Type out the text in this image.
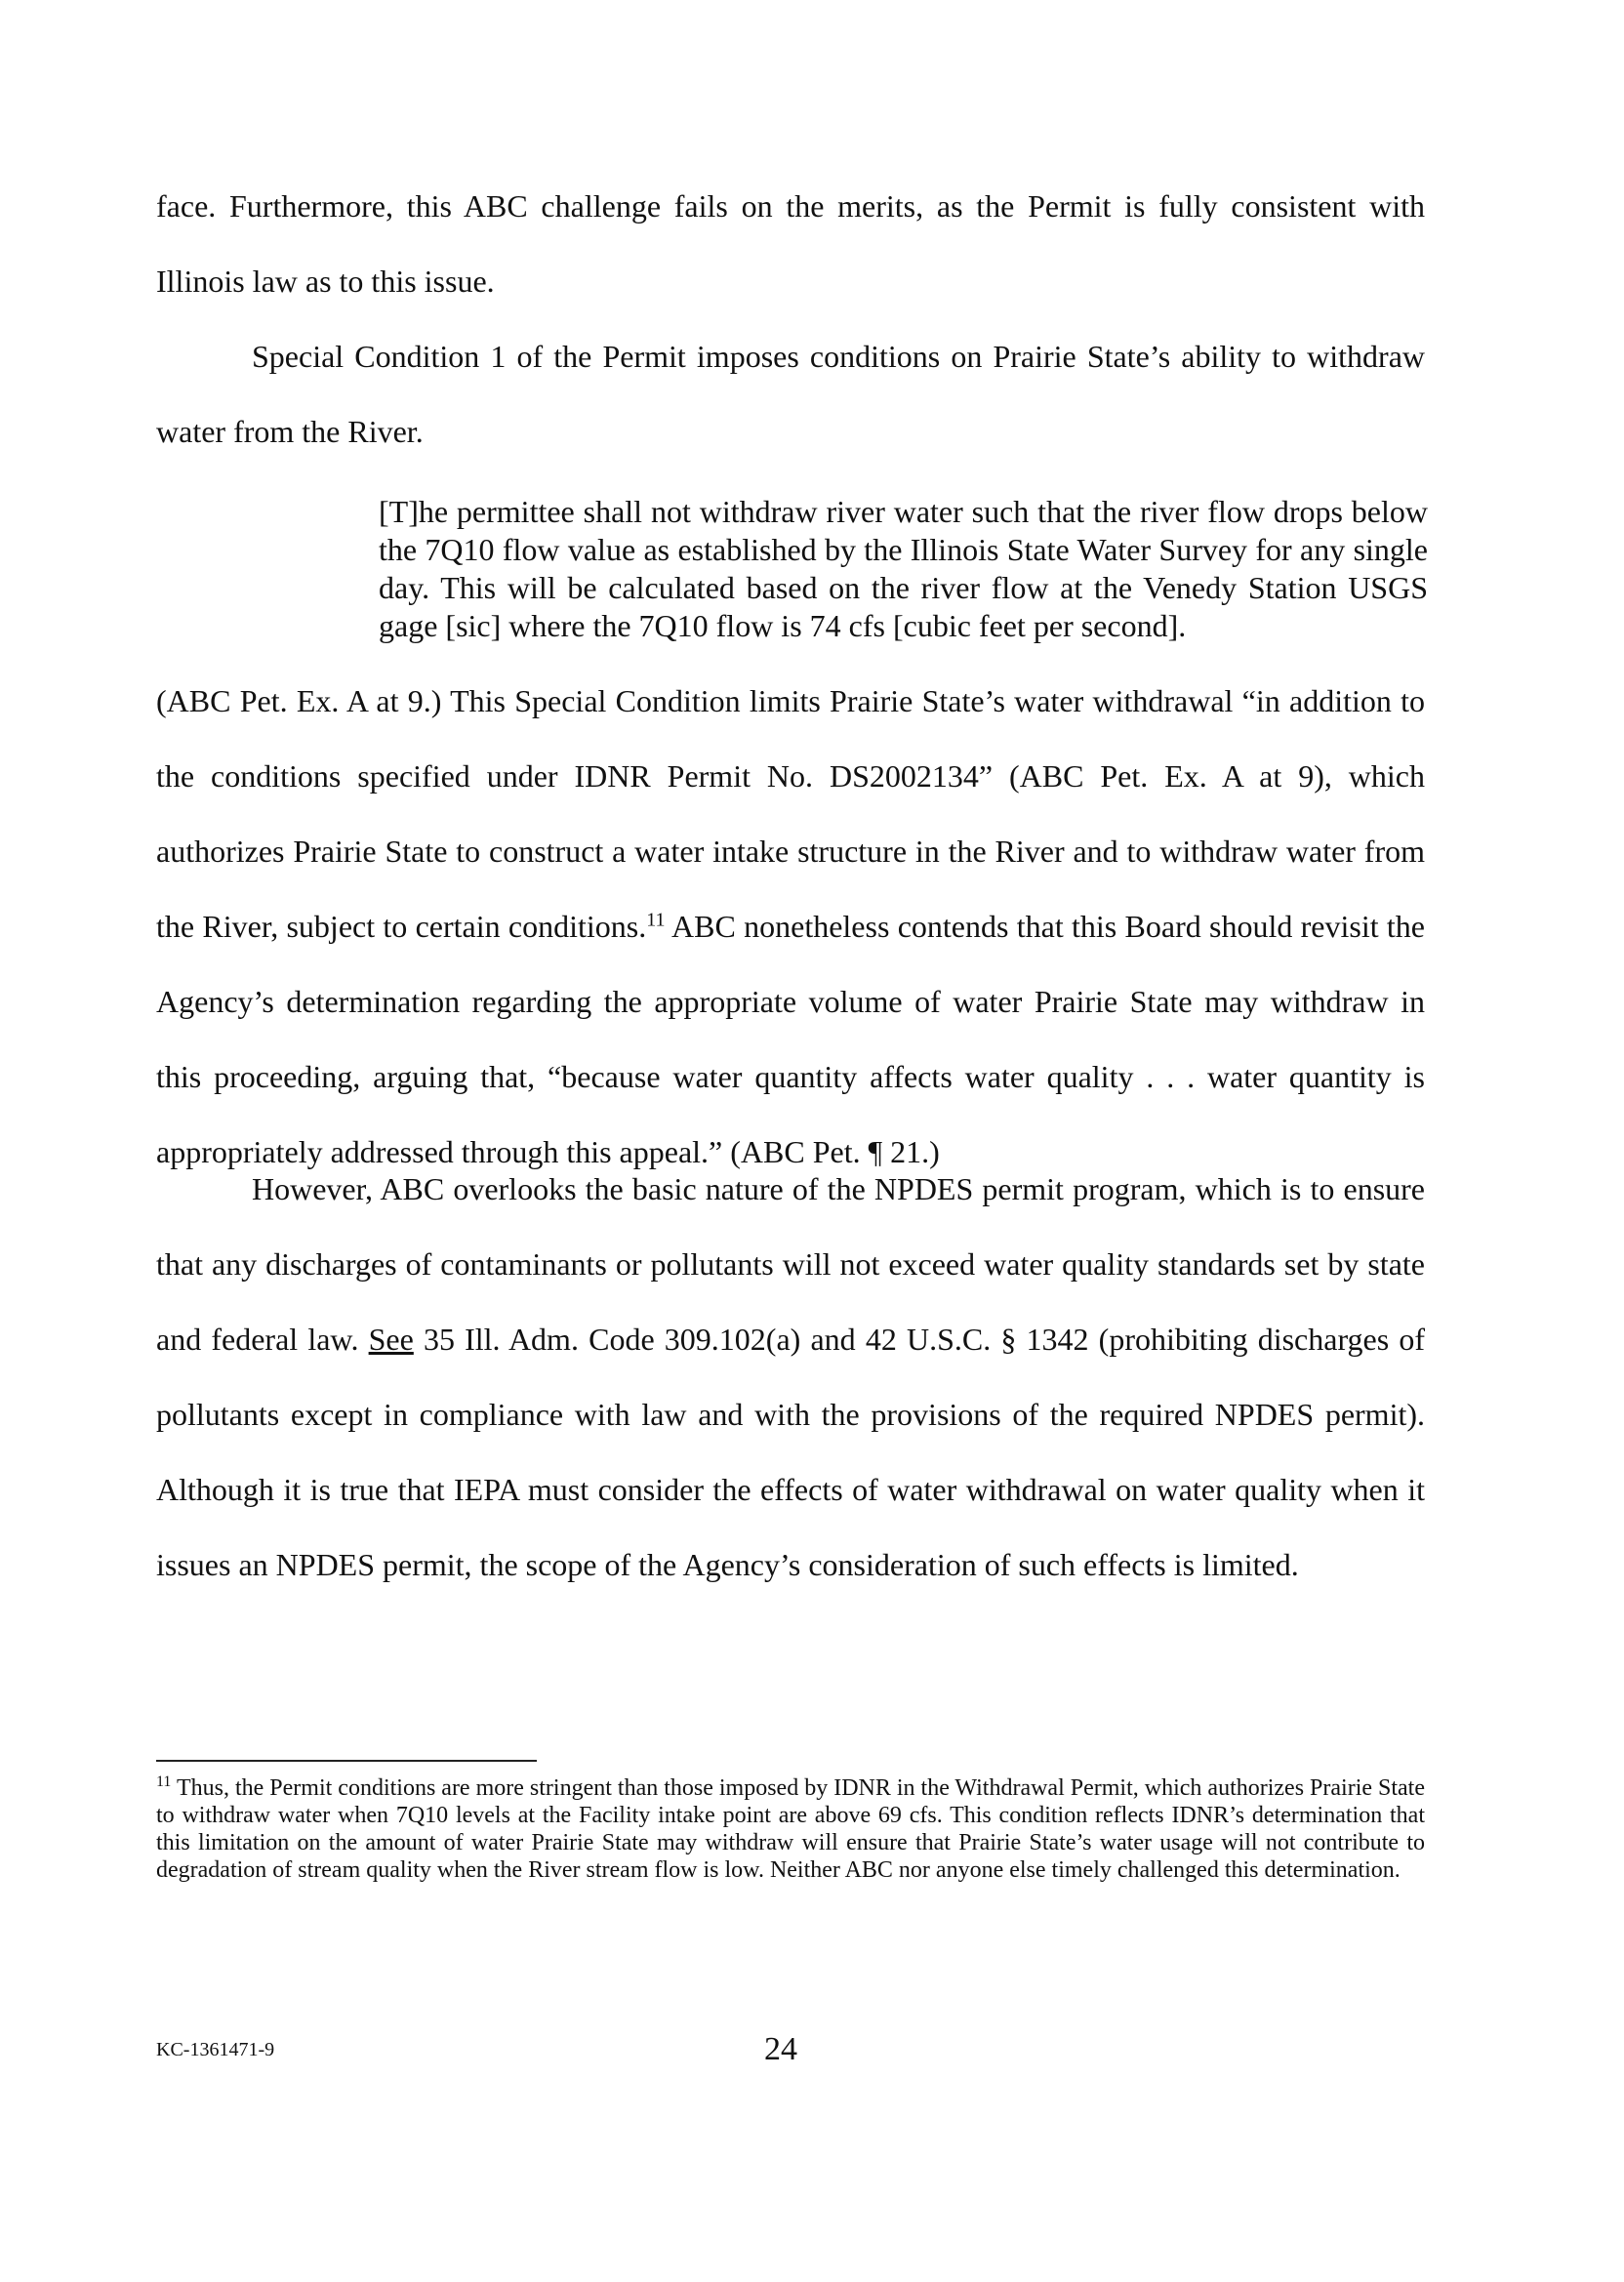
face. Furthermore, this ABC challenge fails on the merits, as the Permit is fully consistent with Illinois law as to this issue.

Special Condition 1 of the Permit imposes conditions on Prairie State’s ability to withdraw water from the River.

[T]he permittee shall not withdraw river water such that the river flow drops below the 7Q10 flow value as established by the Illinois State Water Survey for any single day. This will be calculated based on the river flow at the Venedy Station USGS gage [sic] where the 7Q10 flow is 74 cfs [cubic feet per second].

(ABC Pet. Ex. A at 9.) This Special Condition limits Prairie State’s water withdrawal “in addition to the conditions specified under IDNR Permit No. DS2002134” (ABC Pet. Ex. A at 9), which authorizes Prairie State to construct a water intake structure in the River and to withdraw water from the River, subject to certain conditions.$^{11}$ ABC nonetheless contends that this Board should revisit the Agency’s determination regarding the appropriate volume of water Prairie State may withdraw in this proceeding, arguing that, “because water quantity affects water quality . . . water quantity is appropriately addressed through this appeal.” (ABC Pet. ¶ 21.)

However, ABC overlooks the basic nature of the NPDES permit program, which is to ensure that any discharges of contaminants or pollutants will not exceed water quality standards set by state and federal law. See 35 Ill. Adm. Code 309.102(a) and 42 U.S.C. § 1342 (prohibiting discharges of pollutants except in compliance with law and with the provisions of the required NPDES permit). Although it is true that IEPA must consider the effects of water withdrawal on water quality when it issues an NPDES permit, the scope of the Agency’s consideration of such effects is limited.

$^{11}$ Thus, the Permit conditions are more stringent than those imposed by IDNR in the Withdrawal Permit, which authorizes Prairie State to withdraw water when 7Q10 levels at the Facility intake point are above 69 cfs. This condition reflects IDNR’s determination that this limitation on the amount of water Prairie State may withdraw will ensure that Prairie State’s water usage will not contribute to degradation of stream quality when the River stream flow is low. Neither ABC nor anyone else timely challenged this determination.

KC-1361471-9	24
